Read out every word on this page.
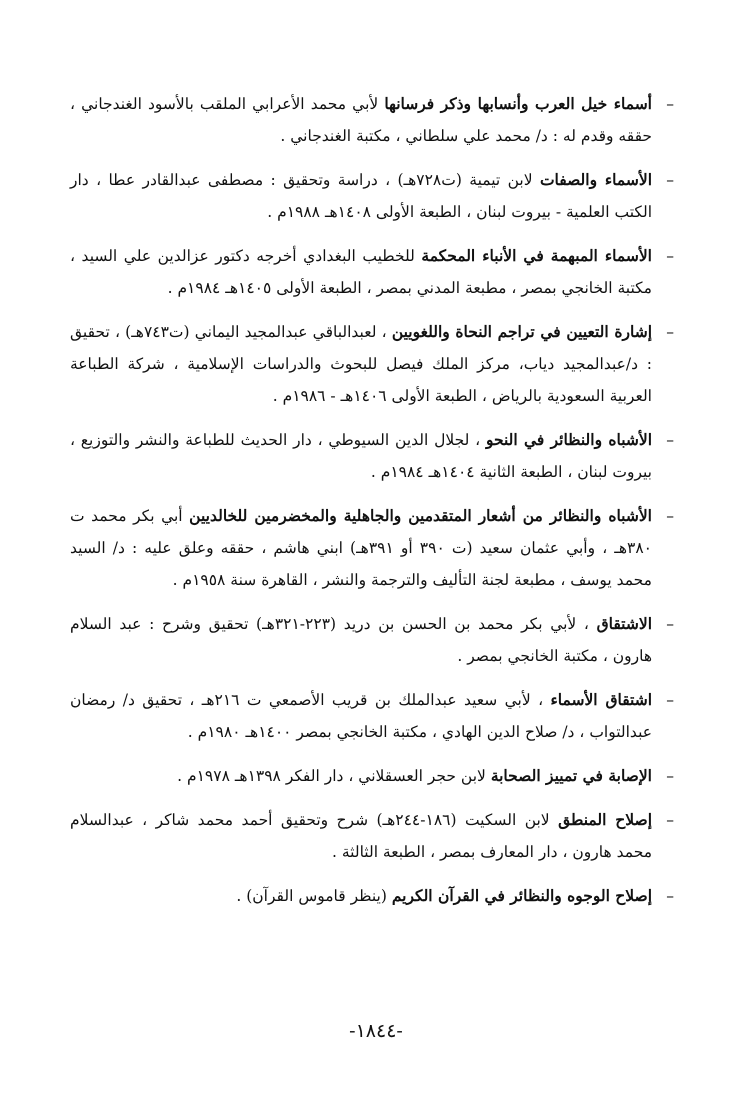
–
أسماء خيل العرب وأنسابها وذكر فرسانها لأبي محمد الأعرابي الملقب بالأسود الغندجاني ، حققه وقدم له : د/ محمد علي سلطاني ، مكتبة الغندجاني .
–
الأسماء والصفات لابن تيمية (ت٧٢٨هـ) ، دراسة وتحقيق : مصطفى عبدالقادر عطا ، دار الكتب العلمية - بيروت لبنان ، الطبعة الأولى ١٤٠٨هـ ١٩٨٨م .
–
الأسماء المبهمة في الأنباء المحكمة للخطيب البغدادي أخرجه دكتور عزالدين علي السيد ، مكتبة الخانجي بمصر ، مطبعة المدني بمصر ، الطبعة الأولى ١٤٠٥هـ ١٩٨٤م .
–
إشارة التعيين في تراجم النحاة واللغويين ، لعبدالباقي عبدالمجيد اليماني (ت٧٤٣هـ) ، تحقيق : د/عبدالمجيد دياب، مركز الملك فيصل للبحوث والدراسات الإسلامية ، شركة الطباعة العربية السعودية بالرياض ، الطبعة الأولى ١٤٠٦هـ - ١٩٨٦م .
–
الأشباه والنظائر في النحو ، لجلال الدين السيوطي ، دار الحديث للطباعة والنشر والتوزيع ، بيروت لبنان ، الطبعة الثانية ١٤٠٤هـ ١٩٨٤م .
–
الأشباه والنظائر من أشعار المتقدمين والجاهلية والمخضرمين للخالديين أبي بكر محمد ت ٣٨٠هـ ، وأبي عثمان سعيد (ت ٣٩٠ أو ٣٩١هـ) ابني هاشم ، حققه وعلق عليه : د/ السيد محمد يوسف ، مطبعة لجنة التأليف والترجمة والنشر ، القاهرة سنة ١٩٥٨م .
–
الاشتقاق ، لأبي بكر محمد بن الحسن بن دريد (٢٢٣-٣٢١هـ) تحقيق وشرح : عبد السلام هارون ، مكتبة الخانجي بمصر .
–
اشتقاق الأسماء ، لأبي سعيد عبدالملك بن قريب الأصمعي ت ٢١٦هـ ، تحقيق د/ رمضان عبدالتواب ، د/ صلاح الدين الهادي ، مكتبة الخانجي بمصر ١٤٠٠هـ ١٩٨٠م .
–
الإصابة في تمييز الصحابة لابن حجر العسقلاني ، دار الفكر ١٣٩٨هـ ١٩٧٨م .
–
إصلاح المنطق لابن السكيت (١٨٦-٢٤٤هـ) شرح وتحقيق أحمد محمد شاكر ، عبدالسلام محمد هارون ، دار المعارف بمصر ، الطبعة الثالثة .
–
إصلاح الوجوه والنظائر في القرآن الكريم (ينظر قاموس القرآن) .
-١٨٤٤-
